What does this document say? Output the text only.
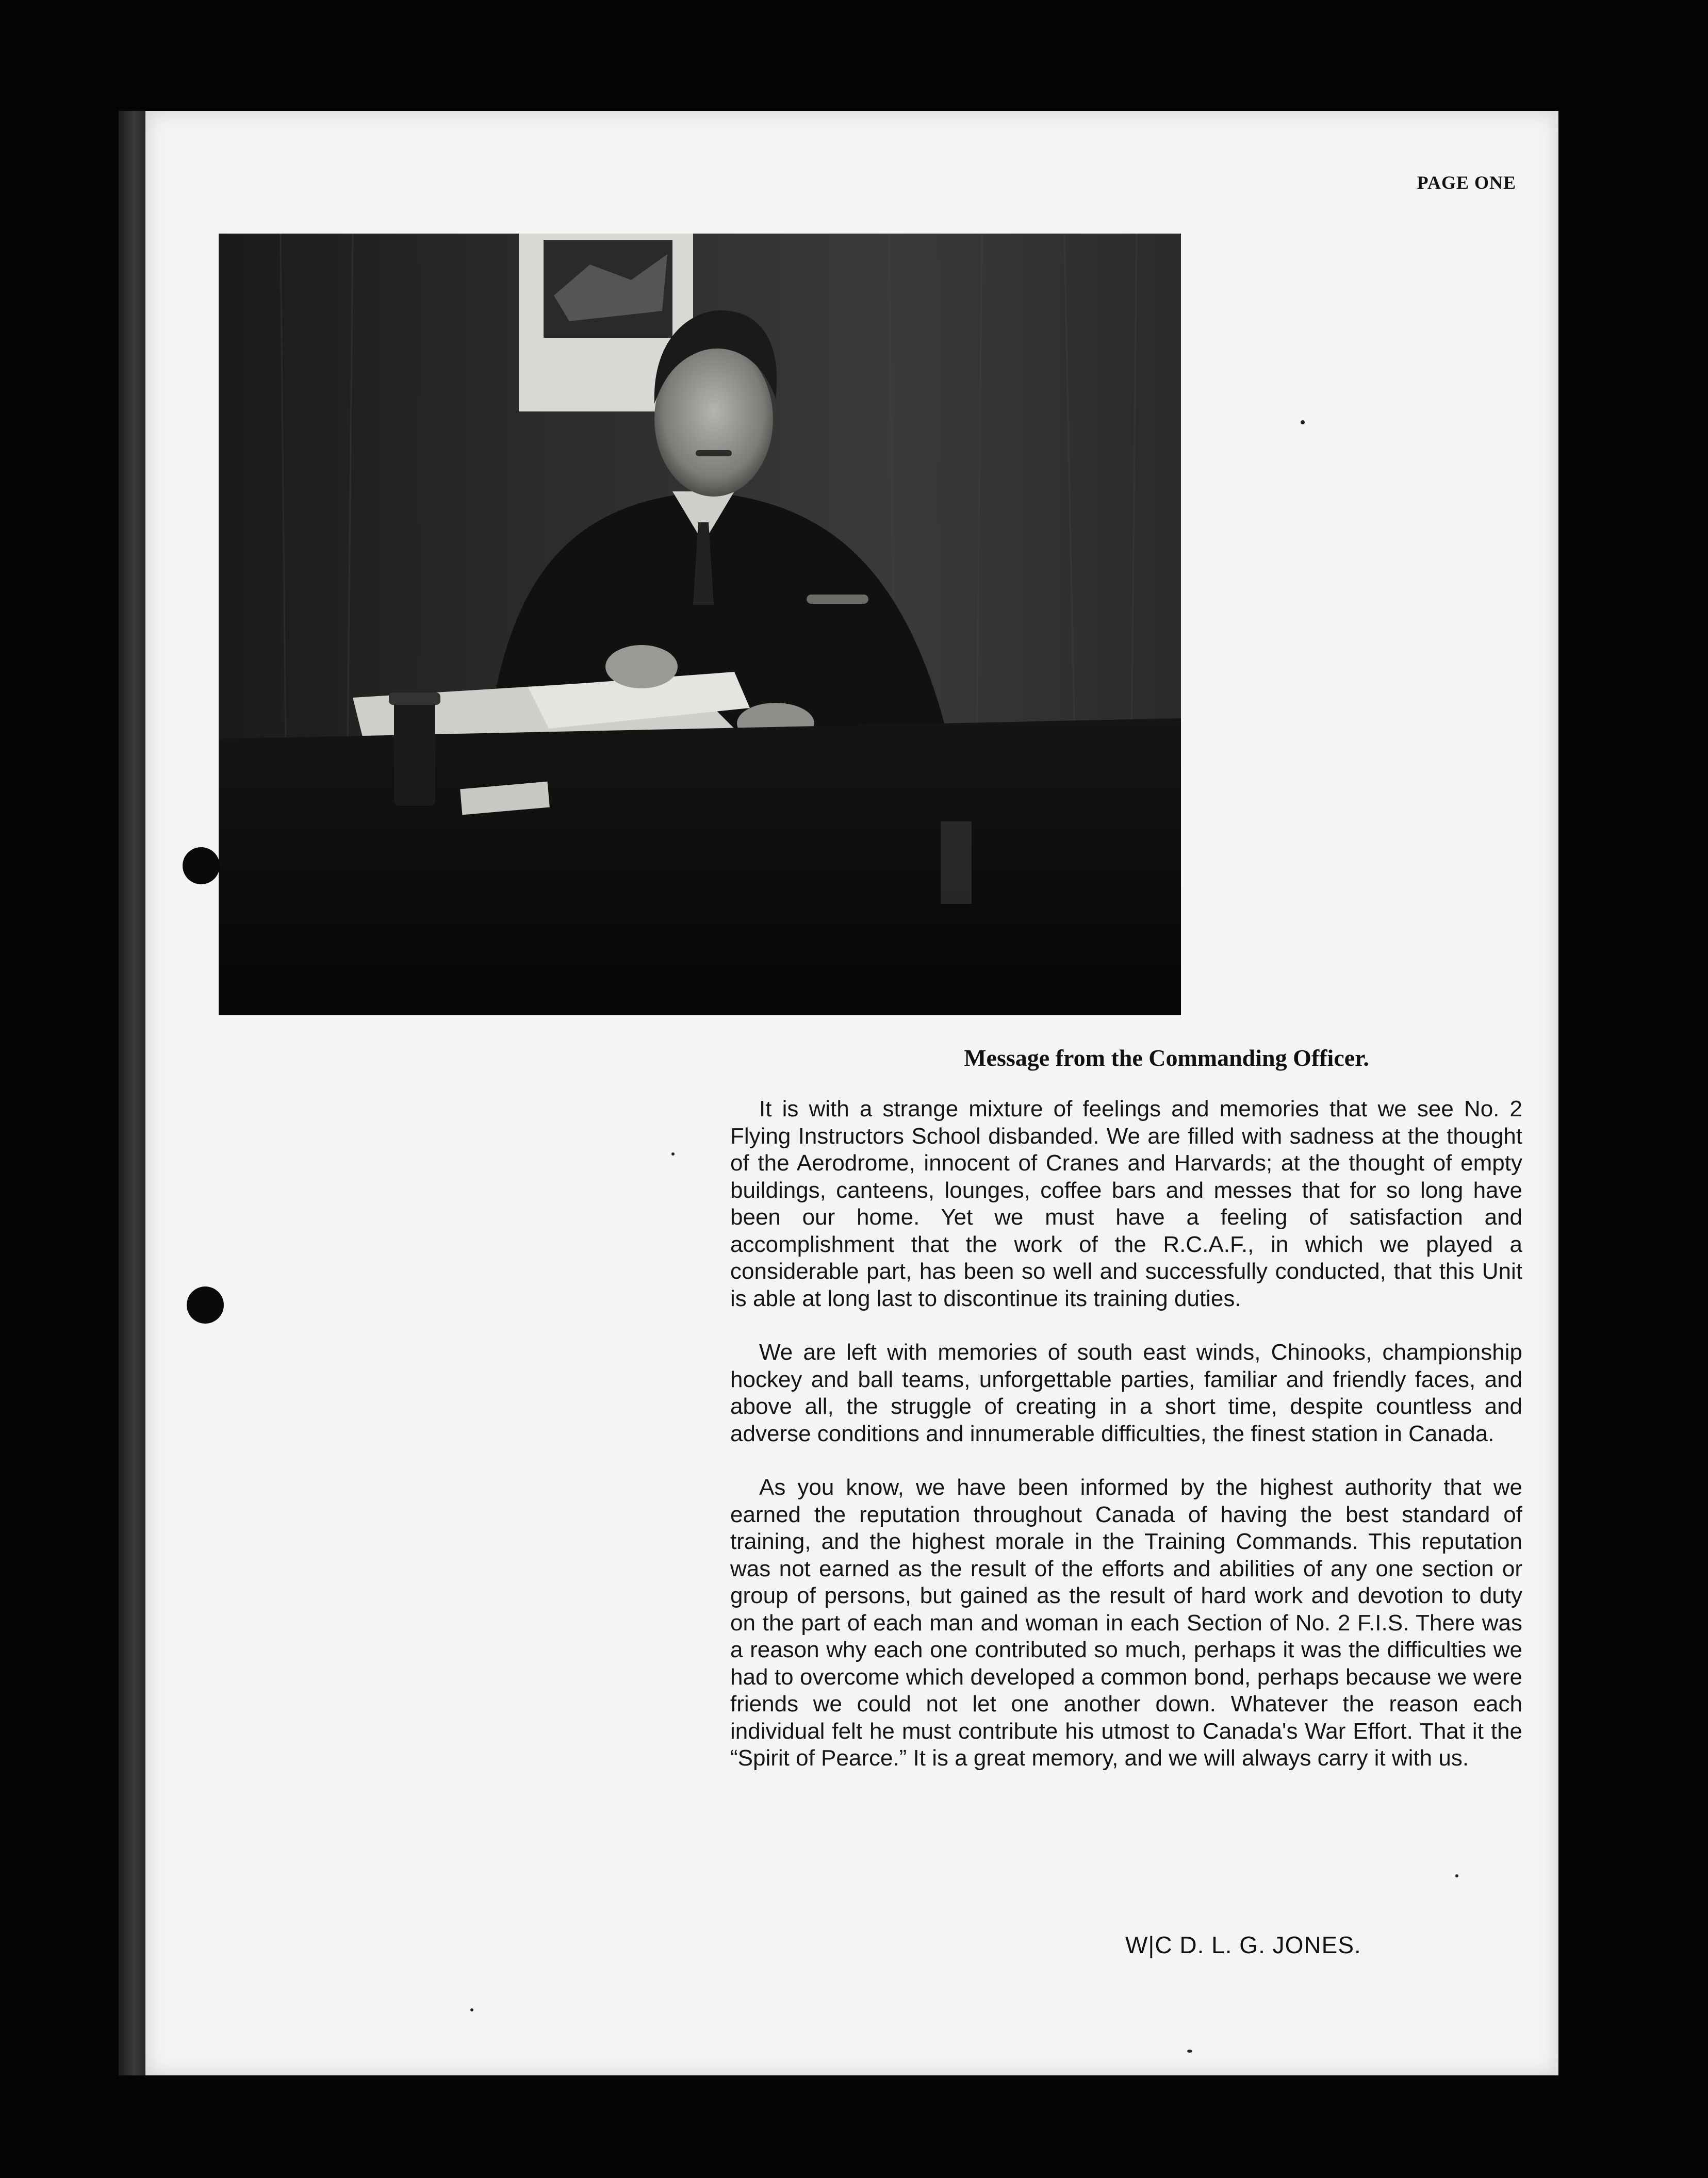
PAGE ONE
Message from the Commanding Officer.

It is with a strange mixture of feelings and memories that we see No. 2 Flying Instructors School disbanded. We are filled with sadness at the thought of the Aerodrome, innocent of Cranes and Harvards; at the thought of empty buildings, canteens, lounges, coffee bars and messes that for so long have been our home. Yet we must have a feeling of satisfaction and accomplishment that the work of the R.C.A.F., in which we played a considerable part, has been so well and successfully conducted, that this Unit is able at long last to discontinue its training duties.

We are left with memories of south east winds, Chinooks, championship hockey and ball teams, unforgettable parties, familiar and friendly faces, and above all, the struggle of creating in a short time, despite countless and adverse conditions and innumerable difficulties, the finest station in Canada.

As you know, we have been informed by the highest authority that we earned the reputation throughout Canada of having the best standard of training, and the highest morale in the Training Commands. This reputation was not earned as the result of the efforts and abilities of any one section or group of persons, but gained as the result of hard work and devotion to duty on the part of each man and woman in each Section of No. 2 F.I.S. There was a reason why each one contributed so much, perhaps it was the difficulties we had to overcome which developed a common bond, perhaps because we were friends we could not let one another down. Whatever the reason each individual felt he must contribute his utmost to Canada's War Effort. That it the “Spirit of Pearce.” It is a great memory, and we will always carry it with us.

W|C D. L. G. JONES.
